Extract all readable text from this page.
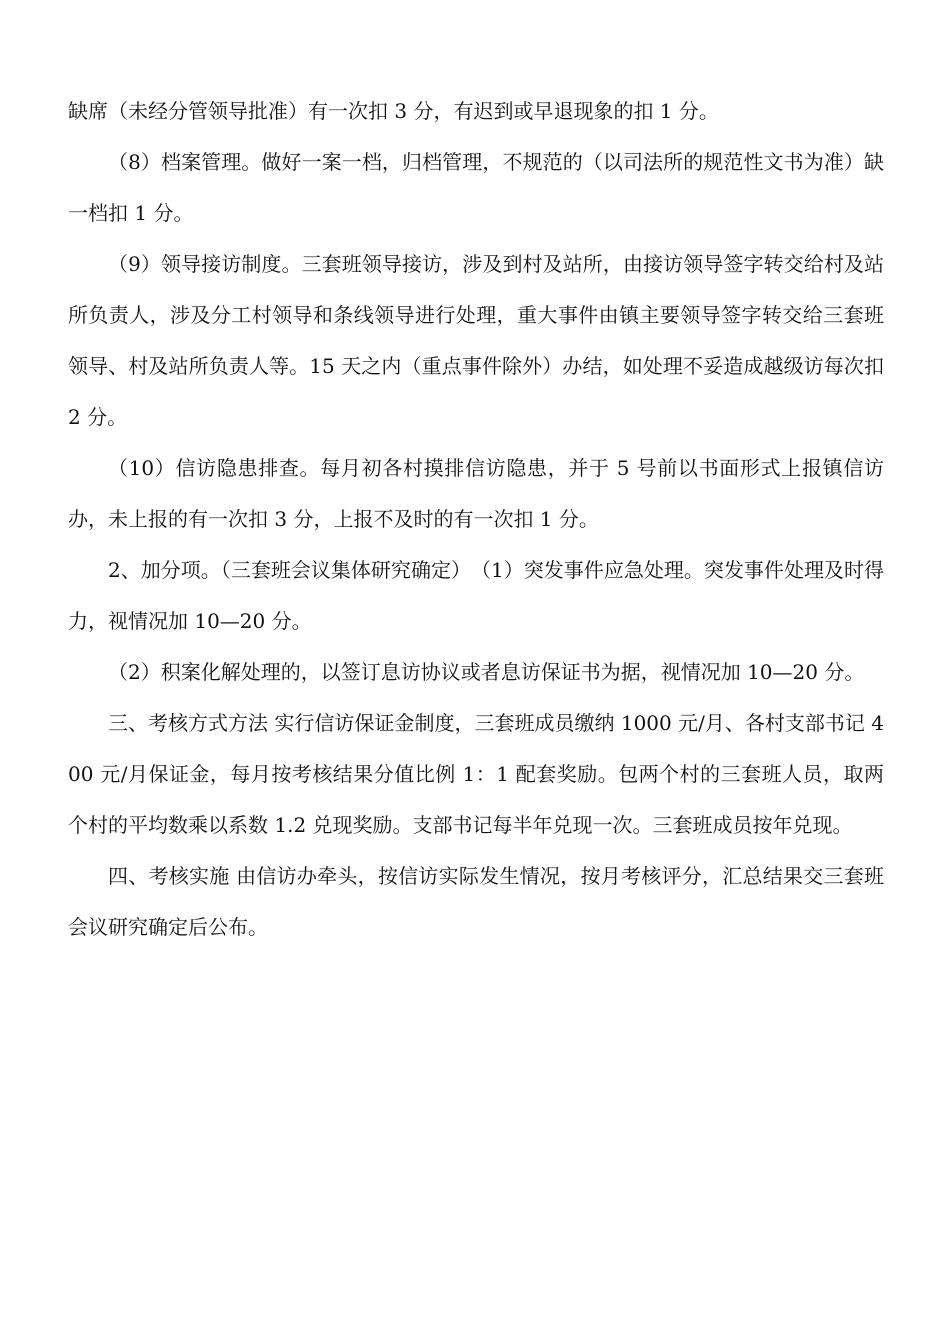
缺席（未经分管领导批准）有一次扣 3 分，有迟到或早退现象的扣 1 分。

（8）档案管理。做好一案一档，归档管理，不规范的（以司法所的规范性文书为准）缺一档扣 1 分。

（9）领导接访制度。三套班领导接访，涉及到村及站所，由接访领导签字转交给村及站所负责人，涉及分工村领导和条线领导进行处理，重大事件由镇主要领导签字转交给三套班领导、村及站所负责人等。15 天之内（重点事件除外）办结，如处理不妥造成越级访每次扣 2 分。

（10）信访隐患排查。每月初各村摸排信访隐患，并于 5 号前以书面形式上报镇信访办，未上报的有一次扣 3 分，上报不及时的有一次扣 1 分。

2、加分项。（三套班会议集体研究确定）　（1）突发事件应急处理。突发事件处理及时得力，视情况加 10—20 分。

（2）积案化解处理的，以签订息访协议或者息访保证书为据，视情况加 10—20 分。

三、考核方式方法 实行信访保证金制度，三套班成员缴纳 1000 元/月、各村支部书记 400 元/月保证金，每月按考核结果分值比例 1：1 配套奖励。包两个村的三套班人员，取两个村的平均数乘以系数 1.2 兑现奖励。支部书记每半年兑现一次。三套班成员按年兑现。

四、考核实施 由信访办牵头，按信访实际发生情况，按月考核评分，汇总结果交三套班会议研究确定后公布。
